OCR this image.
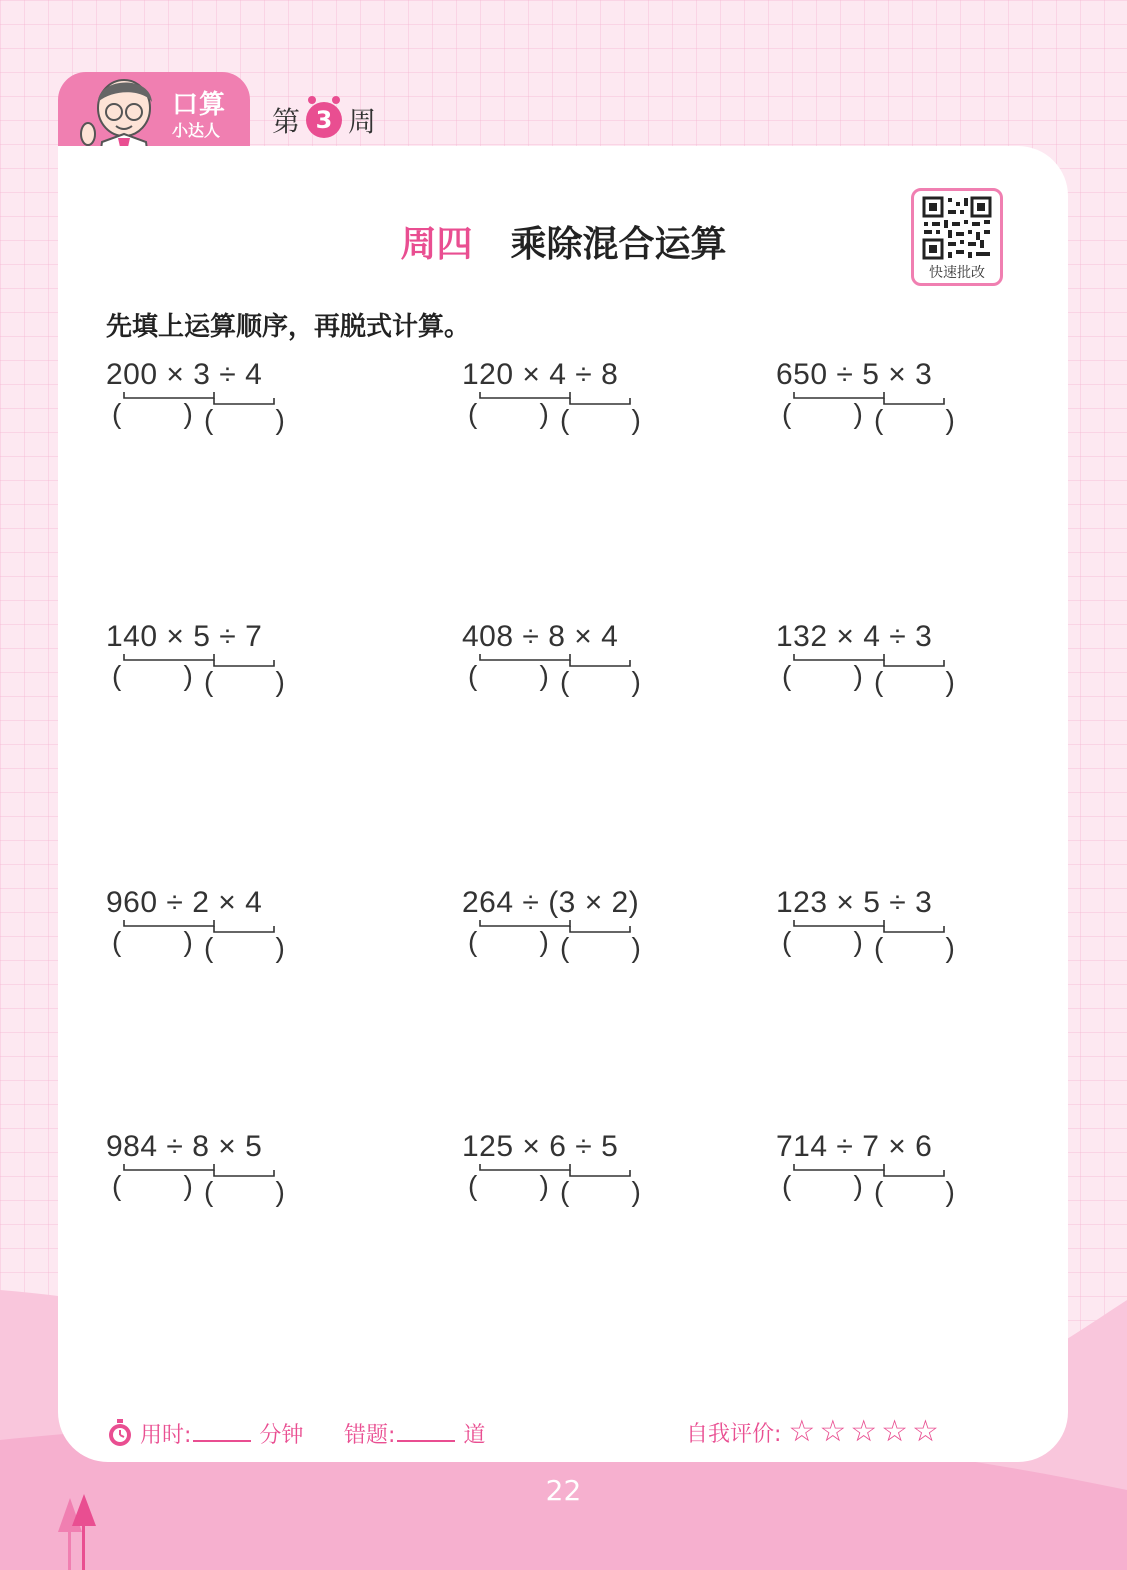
口算
小达人 第 3 周
周四 乘除混合运算
快速批改
先填上运算顺序，再脱式计算。
200 × 3 ÷ 4
(        ) (        )
120 × 4 ÷ 8
(        ) (        )
650 ÷ 5 × 3
(        ) (        )
140 × 5 ÷ 7
(        ) (        )
408 ÷ 8 × 4
(        ) (        )
132 × 4 ÷ 3
(        ) (        )
960 ÷ 2 × 4
(        ) (        )
264 ÷ (3 × 2)
(        ) (        )
123 × 5 ÷ 3
(        ) (        )
984 ÷ 8 × 5
(        ) (        )
125 × 6 ÷ 5
(        ) (        )
714 ÷ 7 × 6
(        ) (        )
用时:	分钟 错题:	道	自我评价: ☆☆☆☆☆
22
